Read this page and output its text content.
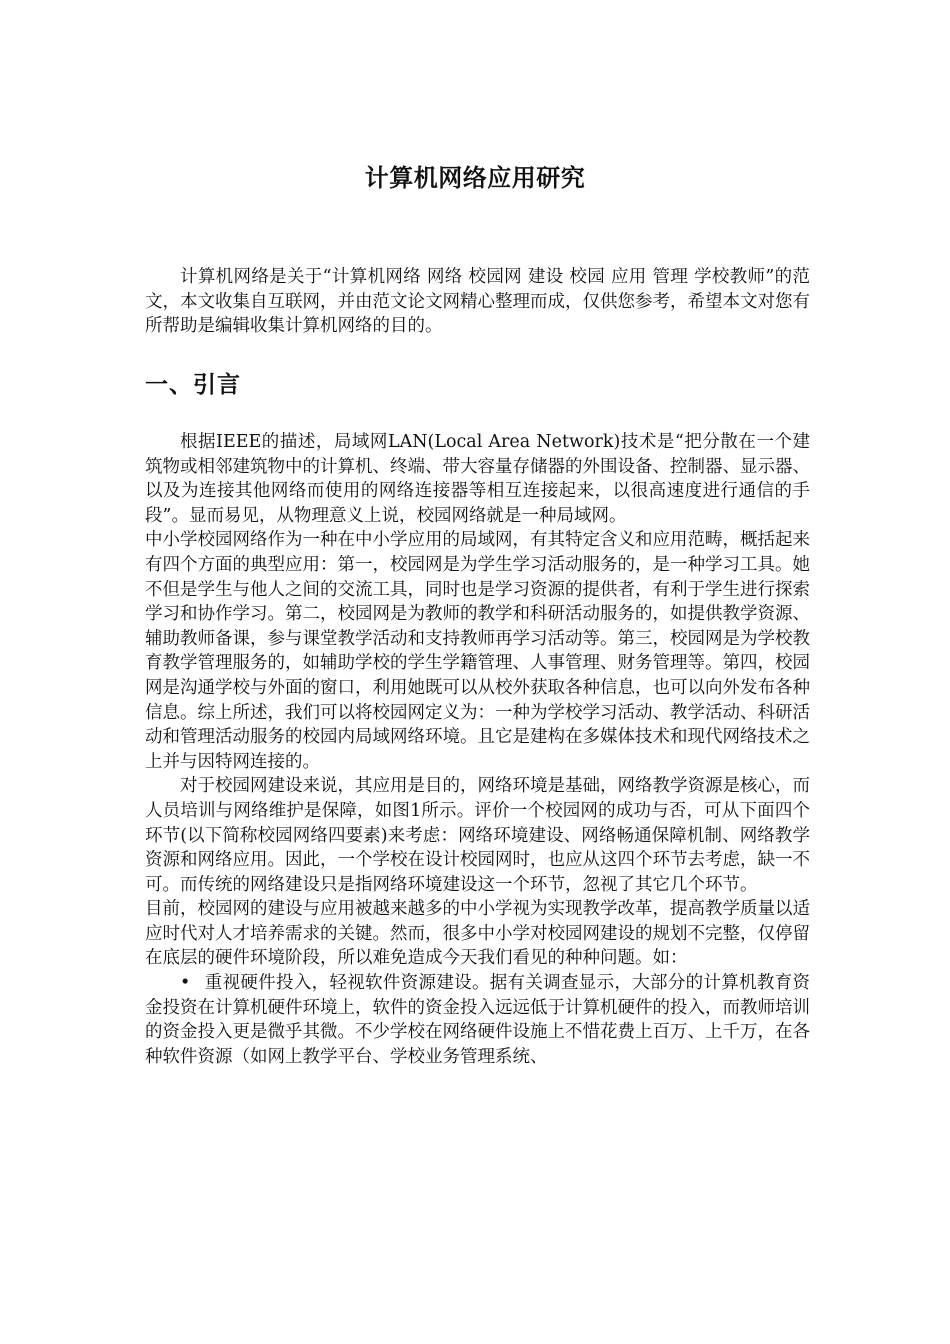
计算机网络应用研究

计算机网络是关于“计算机网络 网络 校园网 建设 校园 应用 管理 学校教师”的范文，本文收集自互联网，并由范文论文网精心整理而成，仅供您参考，希望本文对您有所帮助是编辑收集计算机网络的目的。

一、引言

根据IEEE的描述，局域网LAN(Local Area Network)技术是“把分散在一个建筑物或相邻建筑物中的计算机、终端、带大容量存储器的外围设备、控制器、显示器、以及为连接其他网络而使用的网络连接器等相互连接起来，以很高速度进行通信的手段”。显而易见，从物理意义上说，校园网络就是一种局域网。

中小学校园网络作为一种在中小学应用的局域网，有其特定含义和应用范畴，概括起来有四个方面的典型应用：第一，校园网是为学生学习活动服务的，是一种学习工具。她不但是学生与他人之间的交流工具，同时也是学习资源的提供者，有利于学生进行探索学习和协作学习。第二，校园网是为教师的教学和科研活动服务的，如提供教学资源、辅助教师备课，参与课堂教学活动和支持教师再学习活动等。第三，校园网是为学校教育教学管理服务的，如辅助学校的学生学籍管理、人事管理、财务管理等。第四，校园网是沟通学校与外面的窗口，利用她既可以从校外获取各种信息，也可以向外发布各种信息。综上所述，我们可以将校园网定义为：一种为学校学习活动、教学活动、科研活动和管理活动服务的校园内局域网络环境。且它是建构在多媒体技术和现代网络技术之上并与因特网连接的。

对于校园网建设来说，其应用是目的，网络环境是基础，网络教学资源是核心，而人员培训与网络维护是保障，如图1所示。评价一个校园网的成功与否，可从下面四个环节(以下简称校园网络四要素)来考虑：网络环境建设、网络畅通保障机制、网络教学资源和网络应用。因此，一个学校在设计校园网时，也应从这四个环节去考虑，缺一不可。而传统的网络建设只是指网络环境建设这一个环节，忽视了其它几个环节。

目前，校园网的建设与应用被越来越多的中小学视为实现教学改革，提高教学质量以适应时代对人才培养需求的关键。然而，很多中小学对校园网建设的规划不完整，仅停留在底层的硬件环境阶段，所以难免造成今天我们看见的种种问题。如：

• 重视硬件投入，轻视软件资源建设。据有关调查显示，大部分的计算机教育资金投资在计算机硬件环境上，软件的资金投入远远低于计算机硬件的投入，而教师培训的资金投入更是微乎其微。不少学校在网络硬件设施上不惜花费上百万、上千万，在各种软件资源（如网上教学平台、学校业务管理系统、
